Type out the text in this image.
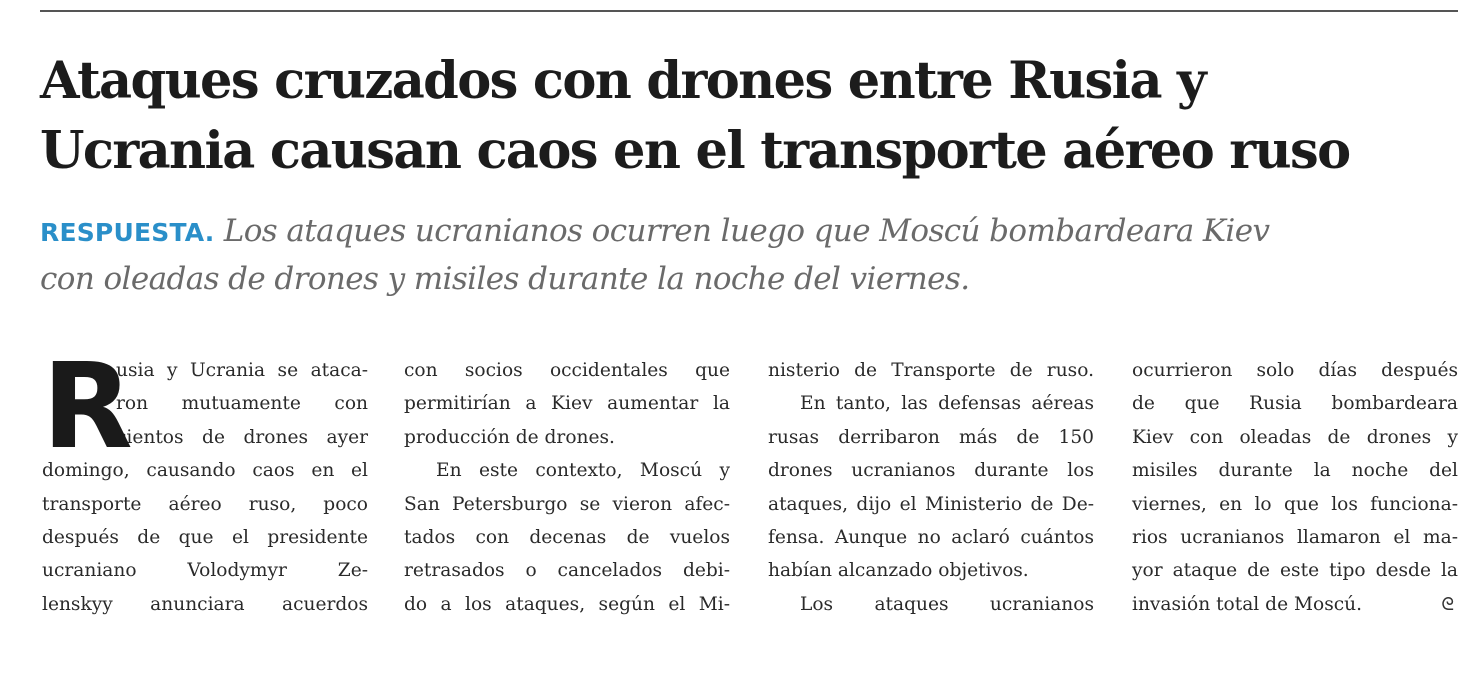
Ataques cruzados con drones entre Rusia y
Ucrania causan caos en el transporte aéreo ruso

RESPUESTA. Los ataques ucranianos ocurren luego que Moscú bombardeara Kiev
con oleadas de drones y misiles durante la noche del viernes.

R
usia y Ucrania se ataca-
ron mutuamente con
cientos de drones ayer
domingo, causando caos en el
transporte aéreo ruso, poco
después de que el presidente
ucraniano Volodymyr Ze-
lenskyy anunciara acuerdos
con socios occidentales que
permitirían a Kiev aumentar la
producción de drones.
En este contexto, Moscú y
San Petersburgo se vieron afec-
tados con decenas de vuelos
retrasados o cancelados debi-
do a los ataques, según el Mi-
nisterio de Transporte de ruso.
En tanto, las defensas aéreas
rusas derribaron más de 150
drones ucranianos durante los
ataques, dijo el Ministerio de De-
fensa. Aunque no aclaró cuántos
habían alcanzado objetivos.
Los ataques ucranianos
ocurrieron solo días después
de que Rusia bombardeara
Kiev con oleadas de drones y
misiles durante la noche del
viernes, en lo que los funciona-
rios ucranianos llamaron el ma-
yor ataque de este tipo desde la
invasión total de Moscú.	ᘓ
